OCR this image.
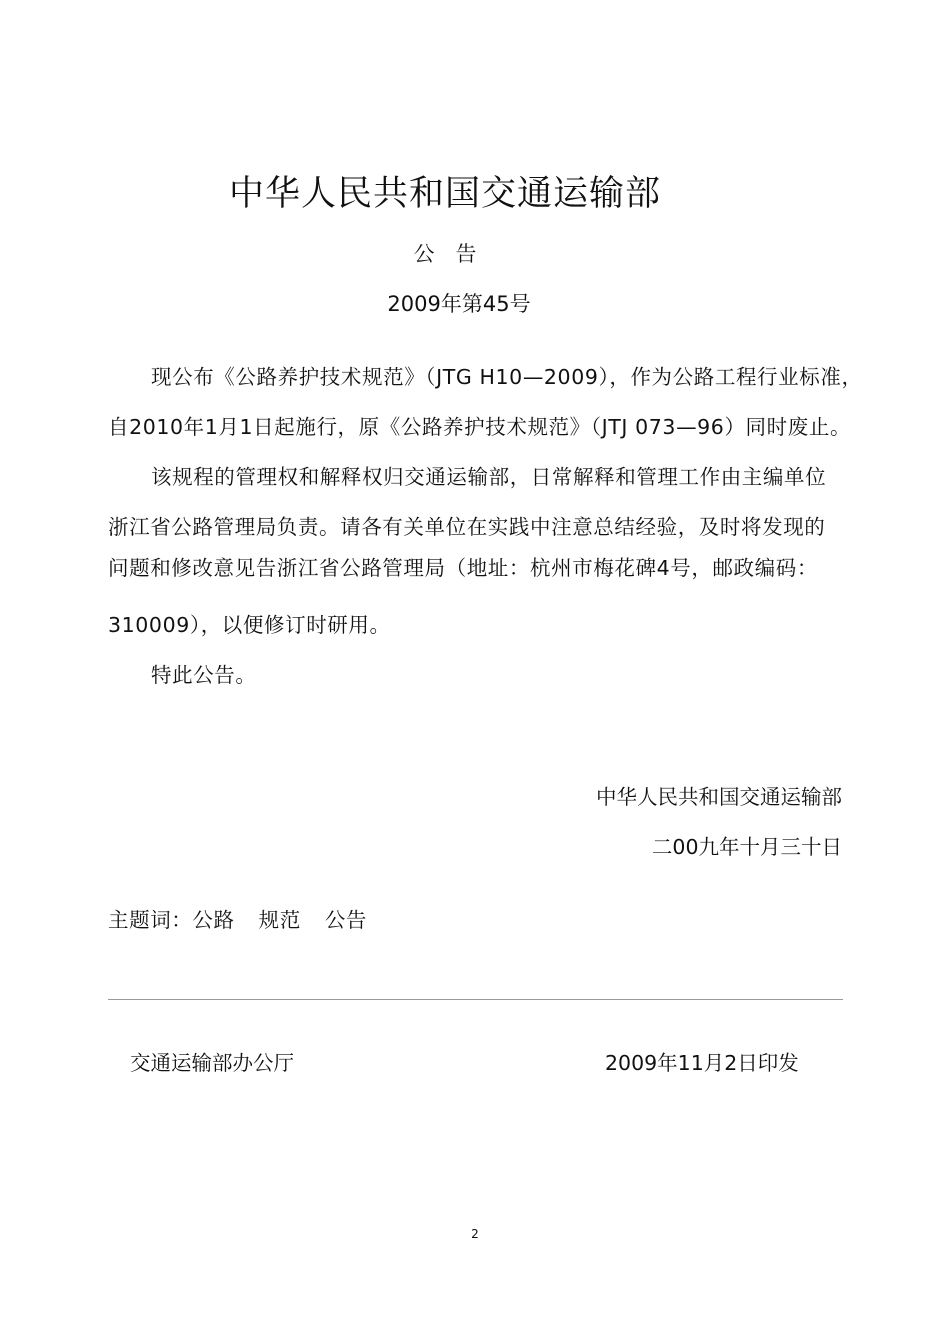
中华人民共和国交通运输部
公　告
2009年第45号
现公布《公路养护技术规范》（JTG H10—2009），作为公路工程行业标准，
自2010年1月1日起施行，原《公路养护技术规范》（JTJ 073—96）同时废止。
该规程的管理权和解释权归交通运输部，日常解释和管理工作由主编单位
浙江省公路管理局负责。请各有关单位在实践中注意总结经验，及时将发现的
问题和修改意见告浙江省公路管理局（地址：杭州市梅花碑4号，邮政编码：
310009），以便修订时研用。
特此公告。
中华人民共和国交通运输部
二00九年十月三十日
主题词：公路 规范 公告
交通运输部办公厅	2009年11月2日印发
2
